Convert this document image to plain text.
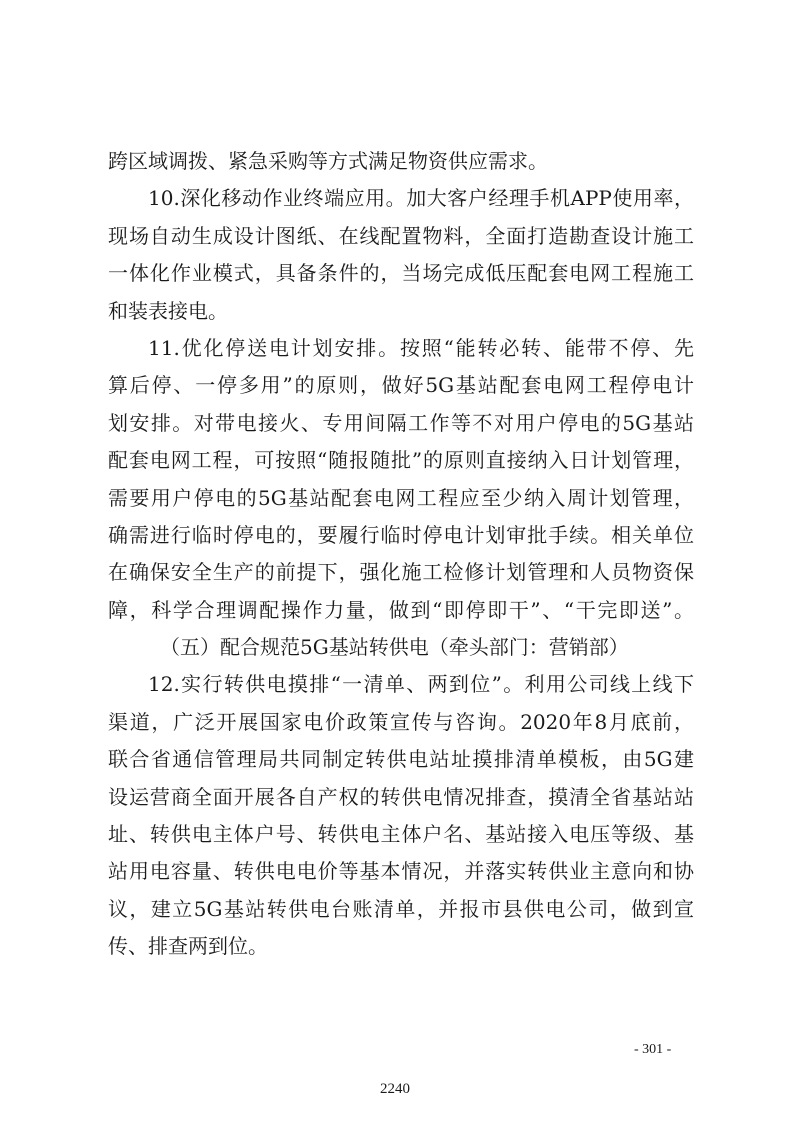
跨区域调拨、紧急采购等方式满足物资供应需求。
10.深化移动作业终端应用。加大客户经理手机APP使用率，
现场自动生成设计图纸、在线配置物料，全面打造勘查设计施工
一体化作业模式，具备条件的，当场完成低压配套电网工程施工
和装表接电。
11.优化停送电计划安排。按照“能转必转、能带不停、先
算后停、一停多用”的原则，做好5G基站配套电网工程停电计
划安排。对带电接火、专用间隔工作等不对用户停电的5G基站
配套电网工程，可按照“随报随批”的原则直接纳入日计划管理，
需要用户停电的5G基站配套电网工程应至少纳入周计划管理，
确需进行临时停电的，要履行临时停电计划审批手续。相关单位
在确保安全生产的前提下，强化施工检修计划管理和人员物资保
障，科学合理调配操作力量，做到“即停即干”、“干完即送”。
（五）配合规范5G基站转供电（牵头部门：营销部）
12.实行转供电摸排“一清单、两到位”。利用公司线上线下
渠道，广泛开展国家电价政策宣传与咨询。2020年8月底前，
联合省通信管理局共同制定转供电站址摸排清单模板，由5G建
设运营商全面开展各自产权的转供电情况排查，摸清全省基站站
址、转供电主体户号、转供电主体户名、基站接入电压等级、基
站用电容量、转供电电价等基本情况，并落实转供业主意向和协
议，建立5G基站转供电台账清单，并报市县供电公司，做到宣
传、排查两到位。
- 301 -
2240
